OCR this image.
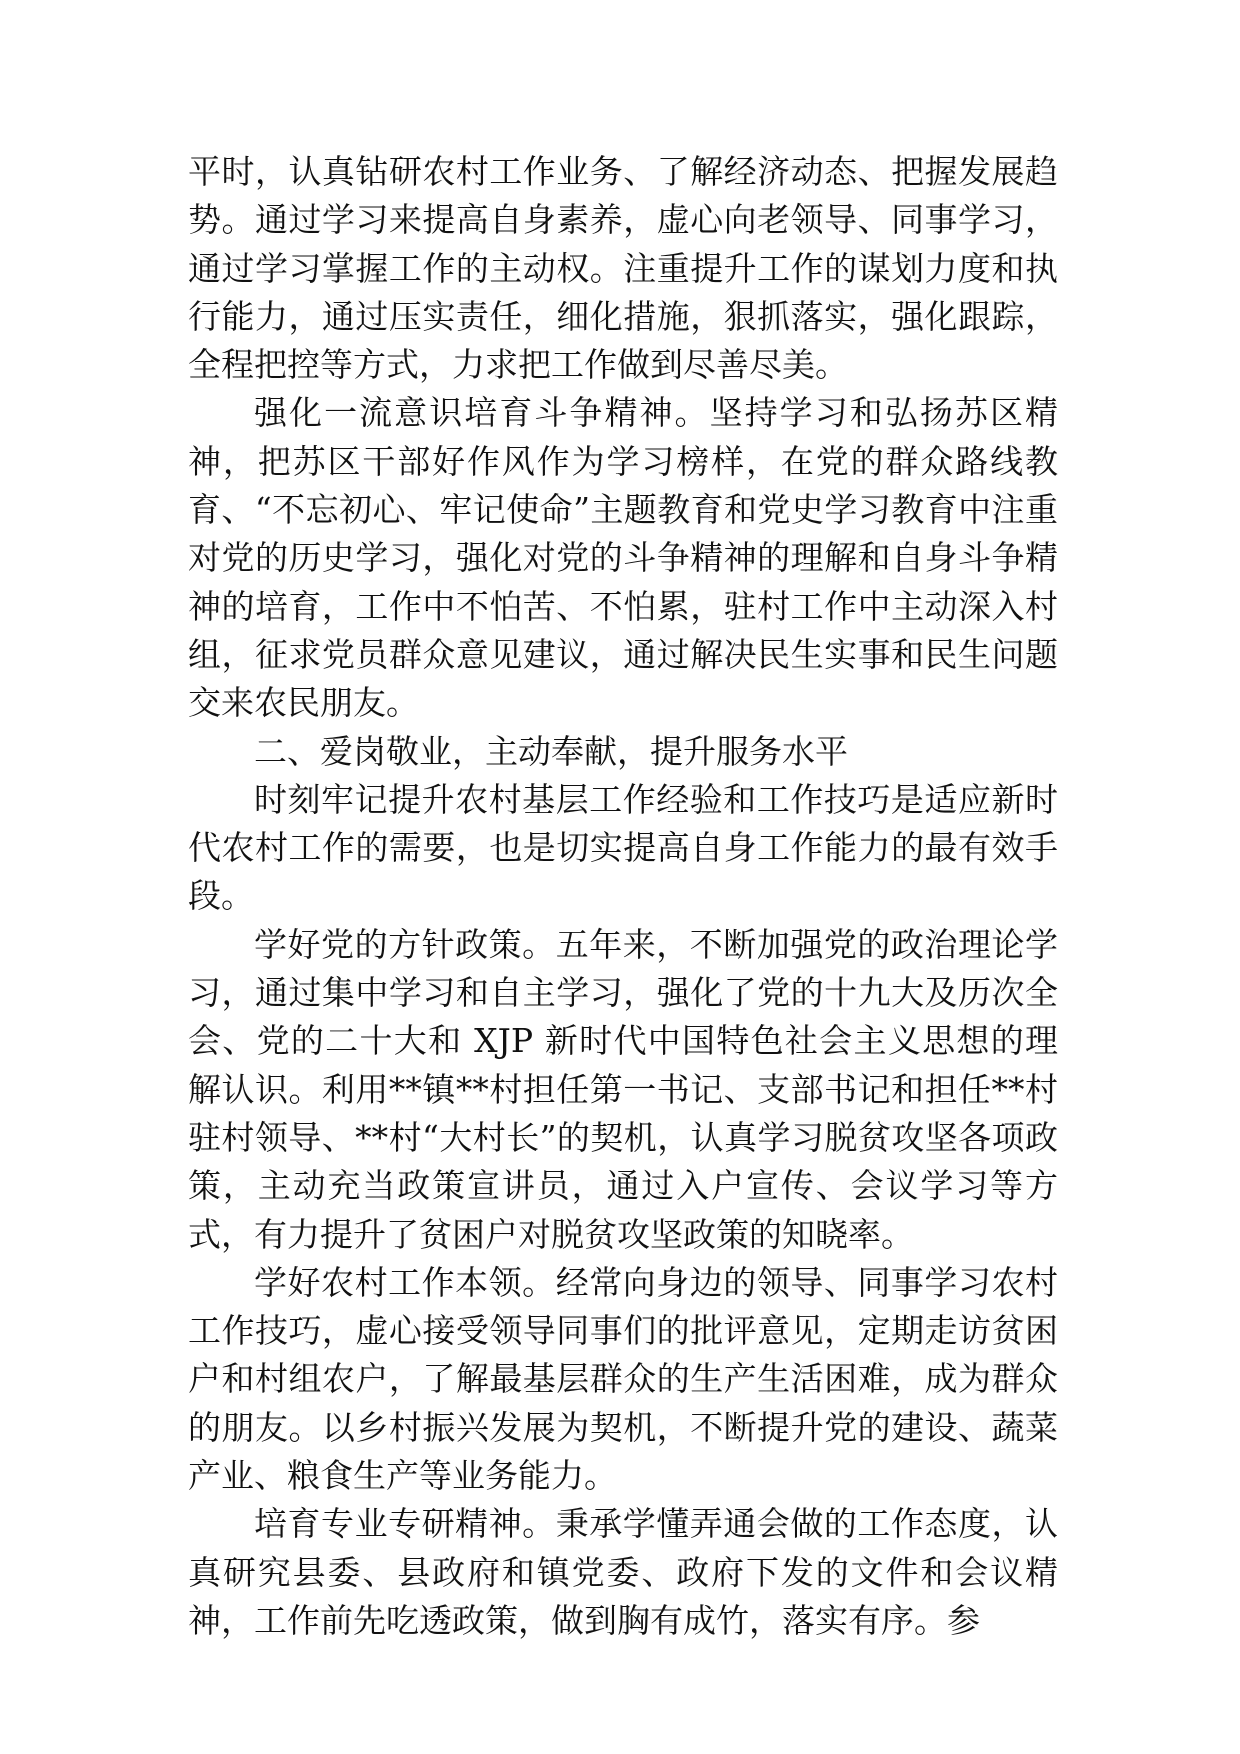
平时，认真钻研农村工作业务、了解经济动态、把握发展趋势。通过学习来提高自身素养，虚心向老领导、同事学习，通过学习掌握工作的主动权。注重提升工作的谋划力度和执行能力，通过压实责任，细化措施，狠抓落实，强化跟踪，全程把控等方式，力求把工作做到尽善尽美。

强化一流意识培育斗争精神。坚持学习和弘扬苏区精神，把苏区干部好作风作为学习榜样，在党的群众路线教育、“不忘初心、牢记使命”主题教育和党史学习教育中注重对党的历史学习，强化对党的斗争精神的理解和自身斗争精神的培育，工作中不怕苦、不怕累，驻村工作中主动深入村组，征求党员群众意见建议，通过解决民生实事和民生问题交来农民朋友。

二、爱岗敬业，主动奉献，提升服务水平

时刻牢记提升农村基层工作经验和工作技巧是适应新时代农村工作的需要，也是切实提高自身工作能力的最有效手段。

学好党的方针政策。五年来，不断加强党的政治理论学习，通过集中学习和自主学习，强化了党的十九大及历次全会、党的二十大和 XJP 新时代中国特色社会主义思想的理解认识。利用**镇**村担任第一书记、支部书记和担任**村驻村领导、**村“大村长”的契机，认真学习脱贫攻坚各项政策，主动充当政策宣讲员，通过入户宣传、会议学习等方式，有力提升了贫困户对脱贫攻坚政策的知晓率。

学好农村工作本领。经常向身边的领导、同事学习农村工作技巧，虚心接受领导同事们的批评意见，定期走访贫困户和村组农户，了解最基层群众的生产生活困难，成为群众的朋友。以乡村振兴发展为契机，不断提升党的建设、蔬菜产业、粮食生产等业务能力。

培育专业专研精神。秉承学懂弄通会做的工作态度，认真研究县委、县政府和镇党委、政府下发的文件和会议精神，工作前先吃透政策，做到胸有成竹，落实有序。参
